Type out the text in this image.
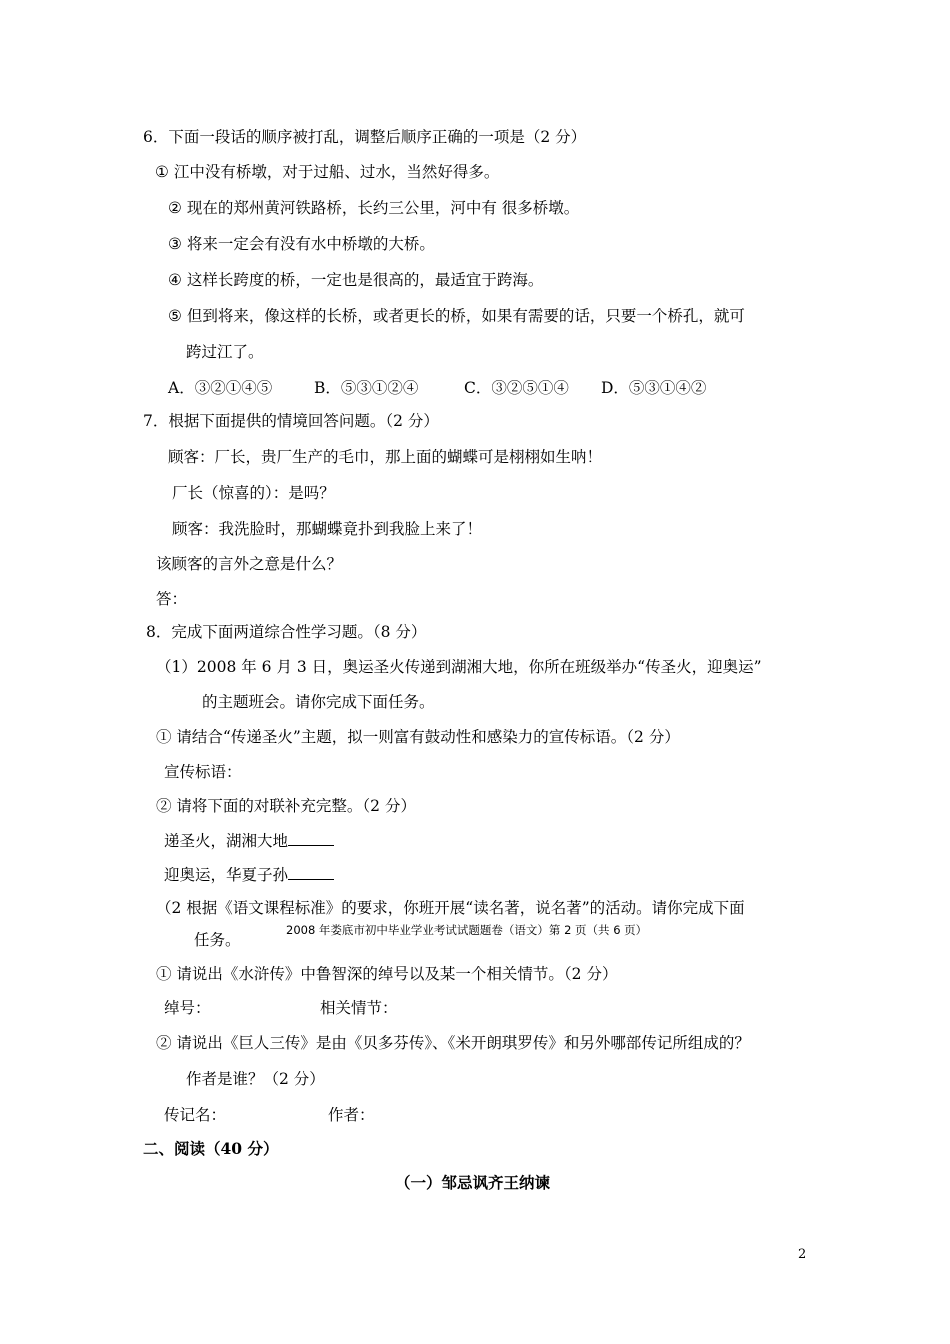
6．下面一段话的顺序被打乱，调整后顺序正确的一项是（2 分）
① 江中没有桥墩，对于过船、过水，当然好得多。
② 现在的郑州黄河铁路桥，长约三公里，河中有 很多桥墩。
③ 将来一定会有没有水中桥墩的大桥。
④ 这样长跨度的桥，一定也是很高的，最适宜于跨海。
⑤ 但到将来，像这样的长桥，或者更长的桥，如果有需要的话，只要一个桥孔，就可
跨过江了。
A．③②①④⑤	B．⑤③①②④	C．③②⑤①④ D．⑤③①④②
7．根据下面提供的情境回答问题。（2 分）
顾客：厂长，贵厂生产的毛巾，那上面的蝴蝶可是栩栩如生呐！
厂长（惊喜的）：是吗？
顾客：我洗脸时，那蝴蝶竟扑到我脸上来了！
该顾客的言外之意是什么？
答：
8．完成下面两道综合性学习题。（8 分）
（1）2008 年 6 月 3 日，奥运圣火传递到湖湘大地，你所在班级举办“传圣火，迎奥运”
的主题班会。请你完成下面任务。
① 请结合“传递圣火”主题，拟一则富有鼓动性和感染力的宣传标语。（2 分）
宣传标语：
② 请将下面的对联补充完整。（2 分）
递圣火，湖湘大地
迎奥运，华夏子孙
（2 根据《语文课程标准》的要求，你班开展“读名著，说名著”的活动。请你完成下面
任务。
2008 年娄底市初中毕业学业考试试题题卷（语文）第 2 页（共 6 页）
① 请说出《水浒传》中鲁智深的绰号以及某一个相关情节。（2 分）
绰号：	相关情节：
② 请说出《巨人三传》是由《贝多芬传》、《米开朗琪罗传》和另外哪部传记所组成的？
作者是谁？（2 分）
传记名：	作者：
二、阅读（40 分）
（一）邹忌讽齐王纳谏
2
